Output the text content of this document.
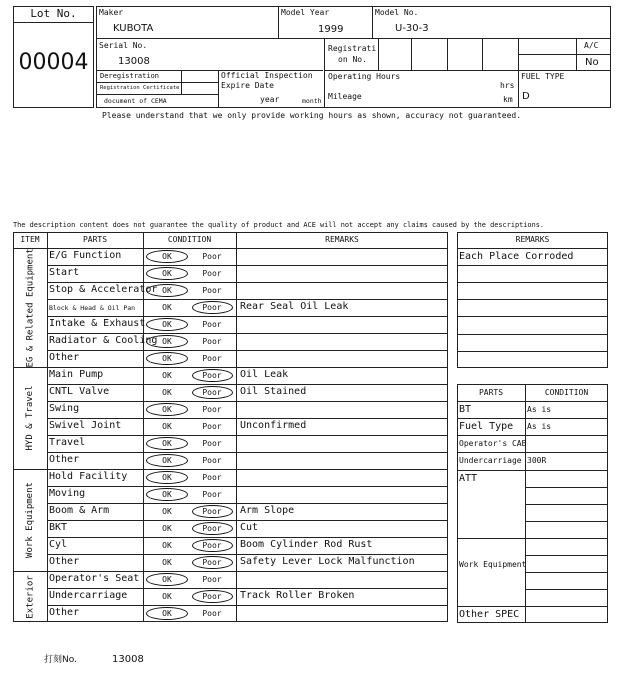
Lot No.
00004
Maker
KUBOTA
Model Year
1999
Model No.
U-30-3
Serial No.
13008
Registrati
on No.
A/C
No
Deregistration
Registration Certificate
document of CEMA
Official Inspection
Expire Date
year	month
Operating Hours
hrs
Mileage	km
FUEL TYPE
D
Please understand that we only provide working hours as shown, accuracy not guaranteed.
The description content does not guarantee the quality of product and ACE will not accept any claims caused by the descriptions.
ITEM	PARTS	CONDITION	REMARKS
E/G Function	OK	Poor
Start	OK	Poor
Stop & Accelerator OK	Poor
Block & Head & Oil Pan	OK	Poor	Rear Seal Oil Leak
Intake & Exhaust	OK	Poor
Radiator & Cooling OK	Poor
Other	OK	Poor
EG & Related Equipment
Main Pump	OK	Poor	Oil Leak
CNTL Valve	OK	Poor	Oil Stained
Swing	OK	Poor
Swivel Joint	OK	Poor	Unconfirmed
Travel	OK	Poor
Other	OK	Poor
HYD & Travel
Hold Facility	OK	Poor
Moving	OK	Poor
Boom & Arm	OK	Poor	Arm Slope
BKT	OK	Poor	Cut
Cyl	OK	Poor	Boom Cylinder Rod Rust
Other	OK	Poor	Safety Lever Lock Malfunction
Work Equipment
Operator's Seat	OK	Poor
Undercarriage	OK	Poor	Track Roller Broken
Other	OK	Poor
Exterior
REMARKS
Each Place Corroded
PARTS	CONDITION
BT	As is
Fuel Type As is
Operator's CAB
Undercarriage 300R
ATT
Work Equipment
Other SPEC
打刻No.	13008
